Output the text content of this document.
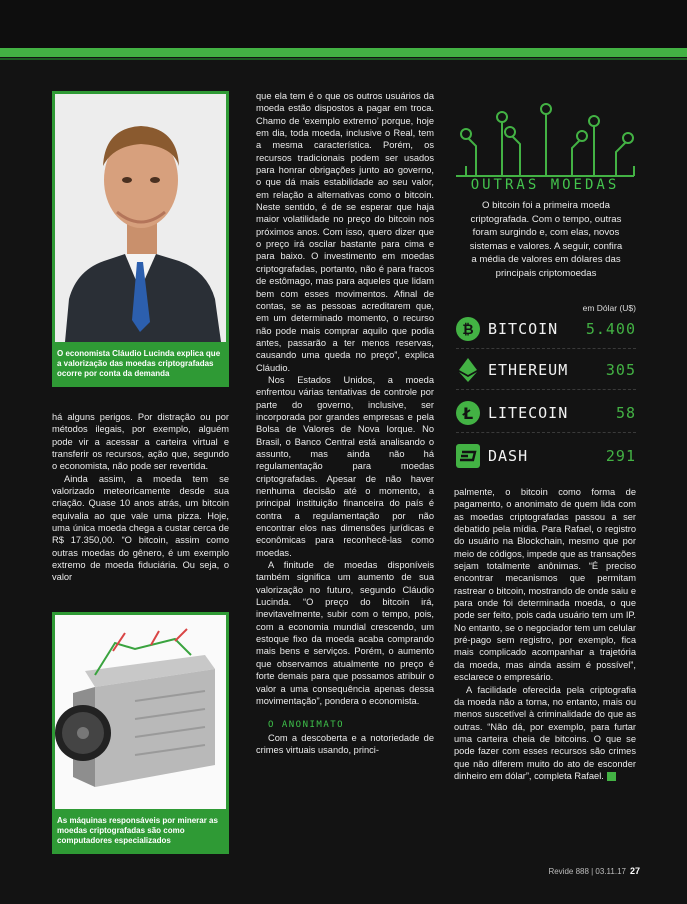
O economista Cláudio Lucinda explica que a valorização das moedas criptografadas ocorre por conta da demanda
As máquinas responsáveis por minerar as moedas criptografadas são como computadores especializados

há alguns perigos. Por distração ou por métodos ilegais, por exemplo, alguém pode vir a acessar a carteira virtual e transferir os recursos, ação que, segundo o economista, não pode ser revertida.

Ainda assim, a moeda tem se valorizado meteoricamente desde sua criação. Quase 10 anos atrás, um bitcoin equivalia ao que vale uma pizza. Hoje, uma única moeda chega a custar cerca de R$ 17.350,00. “O bitcoin, assim como outras moedas do gênero, é um exemplo extremo de moeda fiduciária. Ou seja, o valor

que ela tem é o que os outros usuários da moeda estão dispostos a pagar em troca. Chamo de ‘exemplo extremo’ porque, hoje em dia, toda moeda, inclusive o Real, tem a mesma característica. Porém, os recursos tradicionais podem ser usados para honrar obrigações junto ao governo, o que dá mais estabilidade ao seu valor, em relação a alternativas como o bitcoin. Neste sentido, é de se esperar que haja maior volatilidade no preço do bitcoin nos próximos anos. Com isso, quero dizer que o preço irá oscilar bastante para cima e para baixo. O investimento em moedas criptografadas, portanto, não é para fracos de estômago, mas para aqueles que lidam bem com esses movimentos. Afinal de contas, se as pessoas acreditarem que, em um determinado momento, o recurso não pode mais comprar aquilo que podia antes, passarão a ter menos reservas, causando uma queda no preço”, explica Cláudio.

Nos Estados Unidos, a moeda enfrentou várias tentativas de controle por parte do governo, inclusive, ser incorporada por grandes empresas e pela Bolsa de Valores de Nova Iorque. No Brasil, o Banco Central está analisando o assunto, mas ainda não há regulamentação para moedas criptografadas. Apesar de não haver nenhuma decisão até o momento, a principal instituição financeira do país é contra a regulamentação por não encontrar elos nas dimensões jurídicas e econômicas para reconhecê-las como moedas.

A finitude de moedas disponíveis também significa um aumento de sua valorização no futuro, segundo Cláudio Lucinda. “O preço do bitcoin irá, inevitavelmente, subir com o tempo, pois, com a economia mundial crescendo, um estoque fixo da moeda acaba comprando mais bens e serviços. Porém, o aumento que observamos atualmente no preço é forte demais para que possamos atribuir o valor a uma consequência apenas dessa movimentação”, pondera o economista.

O ANONIMATO

Com a descoberta e a notoriedade de crimes virtuais usando, princi-

palmente, o bitcoin como forma de pagamento, o anonimato de quem lida com as moedas criptografadas passou a ser debatido pela mídia. Para Rafael, o registro do usuário na Blockchain, mesmo que por meio de códigos, impede que as transações sejam totalmente anônimas. “É preciso encontrar mecanismos que permitam rastrear o bitcoin, mostrando de onde saiu e para onde foi determinada moeda, o que pode ser feito, pois cada usuário tem um IP. No entanto, se o negociador tem um celular pré-pago sem registro, por exemplo, fica mais complicado acompanhar a trajetória da moeda, mas ainda assim é possível”, esclarece o empresário.

A facilidade oferecida pela criptografia da moeda não a torna, no entanto, mais ou menos suscetível à criminalidade do que as outras. “Não dá, por exemplo, para furtar uma carteira cheia de bitcoins. O que se pode fazer com esses recursos são crimes que não diferem muito do ato de esconder dinheiro em dólar”, completa Rafael.

OUTRAS MOEDAS
O bitcoin foi a primeira moeda criptografada. Com o tempo, outras foram surgindo e, com elas, novos sistemas e valores. A seguir, confira a média de valores em dólares das principais criptomoedas
em Dólar (U$)
₿ BITCOIN	5.400
ETHEREUM	305
Ł LITECOIN	58
DASH	291
Revide 888 | 03.11.17 27
